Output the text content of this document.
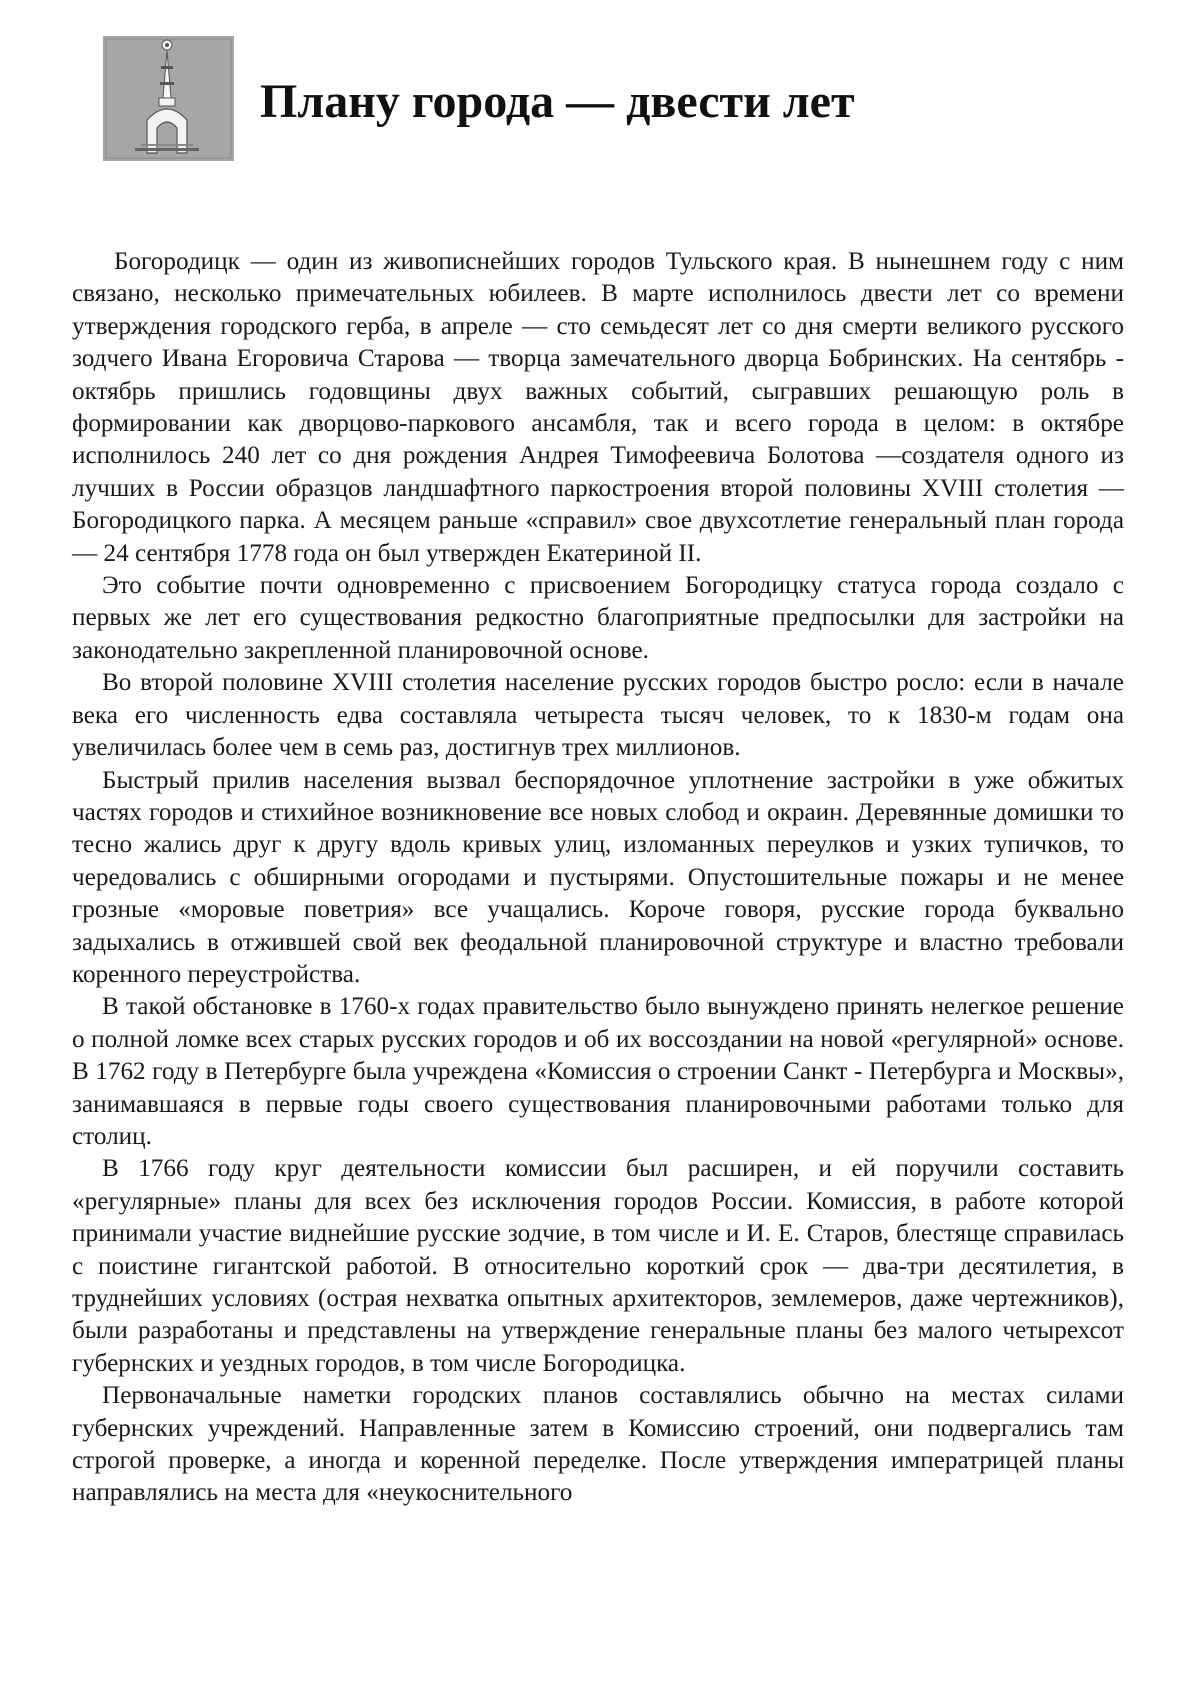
Плану города — двести лет

Богородицк — один из живописнейших городов Тульского края. В нынешнем году с ним связано, несколько примечательных юбилеев. В марте исполнилось двести лет со времени утверждения городского герба, в апреле — сто семьдесят лет со дня смерти великого русского зодчего Ивана Егоровича Старова — творца замечательного дворца Бобринских. На сентябрь - октябрь пришлись годовщины двух важных событий, сыгравших решающую роль в формировании как дворцово-паркового ансамбля, так и всего города в целом: в октябре исполнилось 240 лет со дня рождения Андрея Тимофеевича Болотова —создателя одного из лучших в России образцов ландшафтного паркостроения второй половины XVIII столетия — Богородицкого парка. А месяцем раньше «справил» свое двухсотлетие генеральный план города — 24 сентября 1778 года он был утвержден Екатериной II.

Это событие почти одновременно с присвоением Богородицку статуса города создало с первых же лет его существования редкостно благоприятные предпосылки для застройки на законодательно закрепленной планировочной основе.

Во второй половине XVIII столетия население русских городов быстро росло: если в начале века его численность едва составляла четыреста тысяч человек, то к 1830-м годам она увеличилась более чем в семь раз, достигнув трех миллионов.

Быстрый прилив населения вызвал беспорядочное уплотнение застройки в уже обжитых частях городов и стихийное возникновение все новых слобод и окраин. Деревянные домишки то тесно жались друг к другу вдоль кривых улиц, изломанных переулков и узких тупичков, то чередовались с обширными огородами и пустырями. Опустошительные пожары и не менее грозные «моровые поветрия» все учащались. Короче говоря, русские города буквально задыхались в отжившей свой век феодальной планировочной структуре и властно требовали коренного переустройства.

В такой обстановке в 1760-х годах правительство было вынуждено принять нелегкое решение о полной ломке всех старых русских городов и об их воссоздании на новой «регулярной» основе. В 1762 году в Петербурге была учреждена «Комиссия о строении Санкт - Петербурга и Москвы», занимавшаяся в первые годы своего существования планировочными работами только для столиц.

В 1766 году круг деятельности комиссии был расширен, и ей поручили составить «регулярные» планы для всех без исключения городов России. Комиссия, в работе которой принимали участие виднейшие русские зодчие, в том числе и И. Е. Старов, блестяще справилась с поистине гигантской работой. В относительно короткий срок — два-три десятилетия, в труднейших условиях (острая нехватка опытных архитекторов, землемеров, даже чертежников), были разработаны и представлены на утверждение генеральные планы без малого четырехсот губернских и уездных городов, в том числе Богородицка.

Первоначальные наметки городских планов составлялись обычно на местах силами губернских учреждений. Направленные затем в Комиссию строений, они подвергались там строгой проверке, а иногда и коренной переделке. После утверждения императрицей планы направлялись на места для «неукоснительного
